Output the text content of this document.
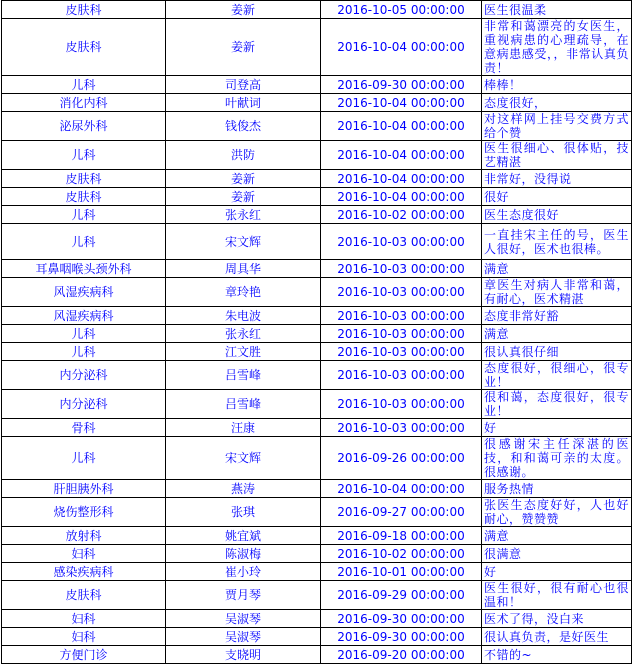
皮肤科	姜新	2016-10-05 00:00:00	医生很温柔
皮肤科	姜新	2016-10-04 00:00:00	非常和蔼漂亮的女医生，重视病患的心理疏导，在意病患感受，，非常认真负责！
儿科	司登高	2016-09-30 00:00:00	棒棒！
消化内科	叶献词	2016-10-04 00:00:00	态度很好，
泌尿外科	钱俊杰	2016-10-04 00:00:00	对这样网上挂号交费方式给个赞
儿科	洪防	2016-10-04 00:00:00	医生很细心、很体贴，技艺精湛
皮肤科	姜新	2016-10-04 00:00:00	非常好，没得说
皮肤科	姜新	2016-10-04 00:00:00	很好
儿科	张永红	2016-10-02 00:00:00	医生态度很好
儿科	宋文辉	2016-10-03 00:00:00	一直挂宋主任的号，医生人很好，医术也很棒。
耳鼻咽喉头颈外科	周具华	2016-10-03 00:00:00	满意
风湿疾病科	章玲艳	2016-10-03 00:00:00	章医生对病人非常和蔼，有耐心，医术精湛
风湿疾病科	朱电波	2016-10-03 00:00:00	态度非常好豁
儿科	张永红	2016-10-03 00:00:00	满意
儿科	江文胜	2016-10-03 00:00:00	很认真很仔细
内分泌科	吕雪峰	2016-10-03 00:00:00	态度很好，很细心，很专业！
内分泌科	吕雪峰	2016-10-03 00:00:00	很和蔼，态度很好，很专业！
骨科	汪康	2016-10-03 00:00:00	好
儿科	宋文辉	2016-09-26 00:00:00	很感谢宋主任深湛的医技，和和蔼可亲的太度。很感谢。
肝胆胰外科	燕涛	2016-10-04 00:00:00	服务热情
烧伤整形科	张琪	2016-09-27 00:00:00	张医生态度好好，人也好耐心，赞赞赞
放射科	姚宜斌	2016-09-18 00:00:00	满意
妇科	陈淑梅	2016-10-02 00:00:00	很满意
感染疾病科	崔小玲	2016-10-01 00:00:00	好
皮肤科	贾月琴	2016-09-29 00:00:00	医生很好，很有耐心也很温和！
妇科	吴淑琴	2016-09-30 00:00:00	医术了得，没白来
妇科	吴淑琴	2016-09-30 00:00:00	很认真负责，是好医生
方便门诊	支晓明	2016-09-20 00:00:00	不错的~
